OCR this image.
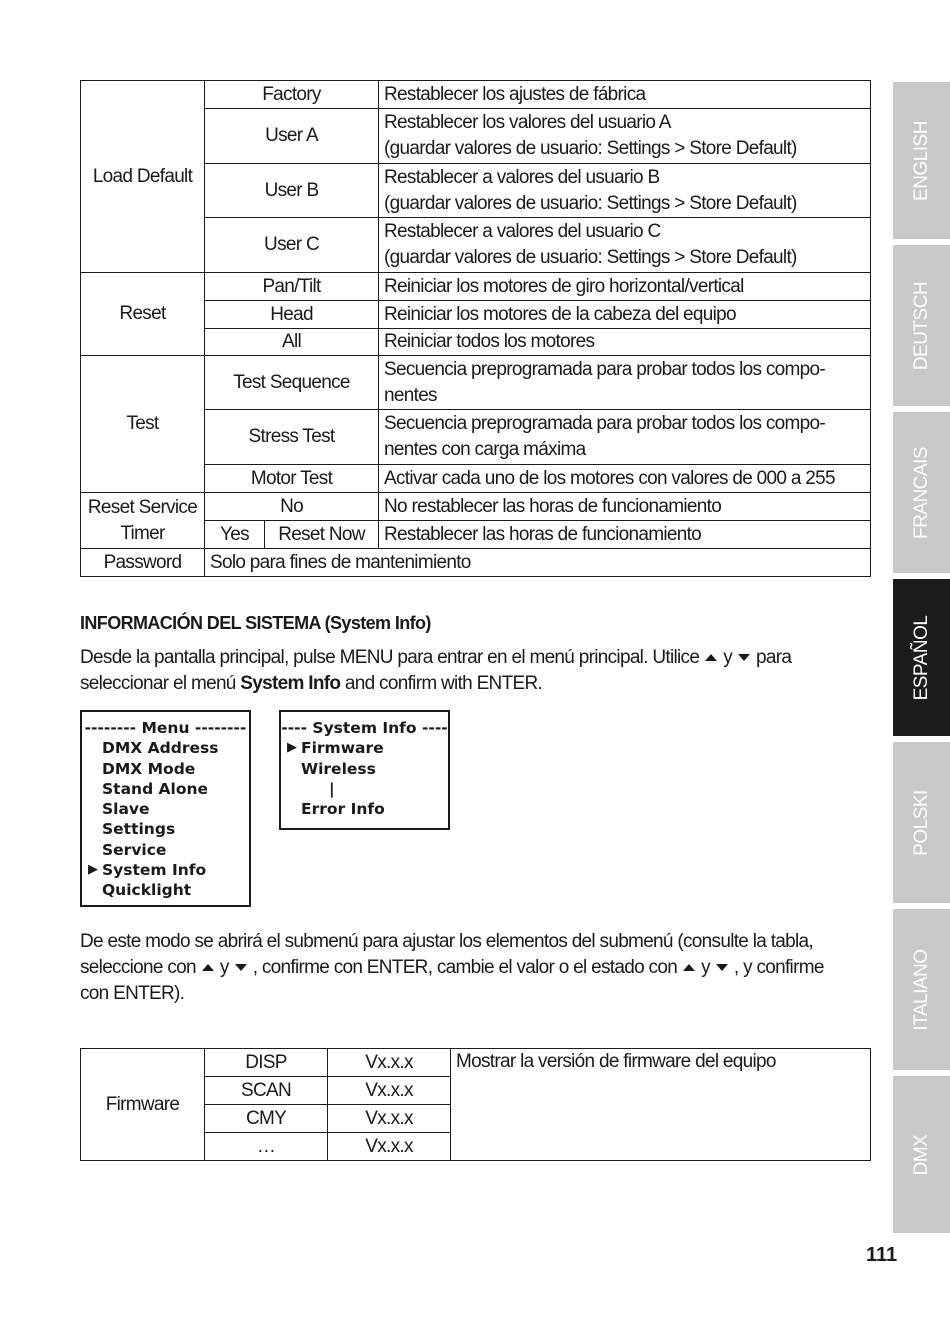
Load Default	Factory		Restablecer los ajustes de fábrica
	User A		Restablecer los valores del usuario A
(guardar valores de usuario: Settings > Store Default)

	User B		Restablecer a valores del usuario B
(guardar valores de usuario: Settings > Store Default)

	User C		Restablecer a valores del usuario C
(guardar valores de usuario: Settings > Store Default)

Reset	Pan/Tilt		Reiniciar los motores de giro horizontal/vertical
	Head		Reiniciar los motores de la cabeza del equipo
	All		Reiniciar todos los motores
Test	Test Sequence		Secuencia preprogramada para probar todos los compo-
nentes

	Stress Test		Secuencia preprogramada para probar todos los compo-
nentes con carga máxima

	Motor Test		Activar cada uno de los motores con valores de 000 a 255

Reset Service
Timer	No		No restablecer las horas de funcionamiento
	Yes	Reset Now	Restablecer las horas de funcionamiento
Password	Solo para fines de mantenimiento		
INFORMACIÓN DEL SISTEMA (System Info)
Desde la pantalla principal, pulse MENU para entrar en el menú principal. Utilice y para
seleccionar el menú System Info and confirm with ENTER.
-------- Menu --------
DMX Address
DMX Mode
Stand Alone
Slave
Settings
Service
▶ System Info
Quicklight
---- System Info ----
▶ Firmware
Wireless
|
Error Info
De este modo se abrirá el submenú para ajustar los elementos del submenú (consulte la tabla,
seleccione con y , confirme con ENTER, cambie el valor o el estado con y , y confirme
con ENTER).
Firmware	DISP	Vx.x.x	Mostrar la versión de firmware del equipo
	SCAN	Vx.x.x	
	CMY	Vx.x.x	
	…	Vx.x.x	
ENGLISH
DEUTSCH
FRANCAIS
ESPAÑOL
POLSKI
ITALIANO
DMX
111
